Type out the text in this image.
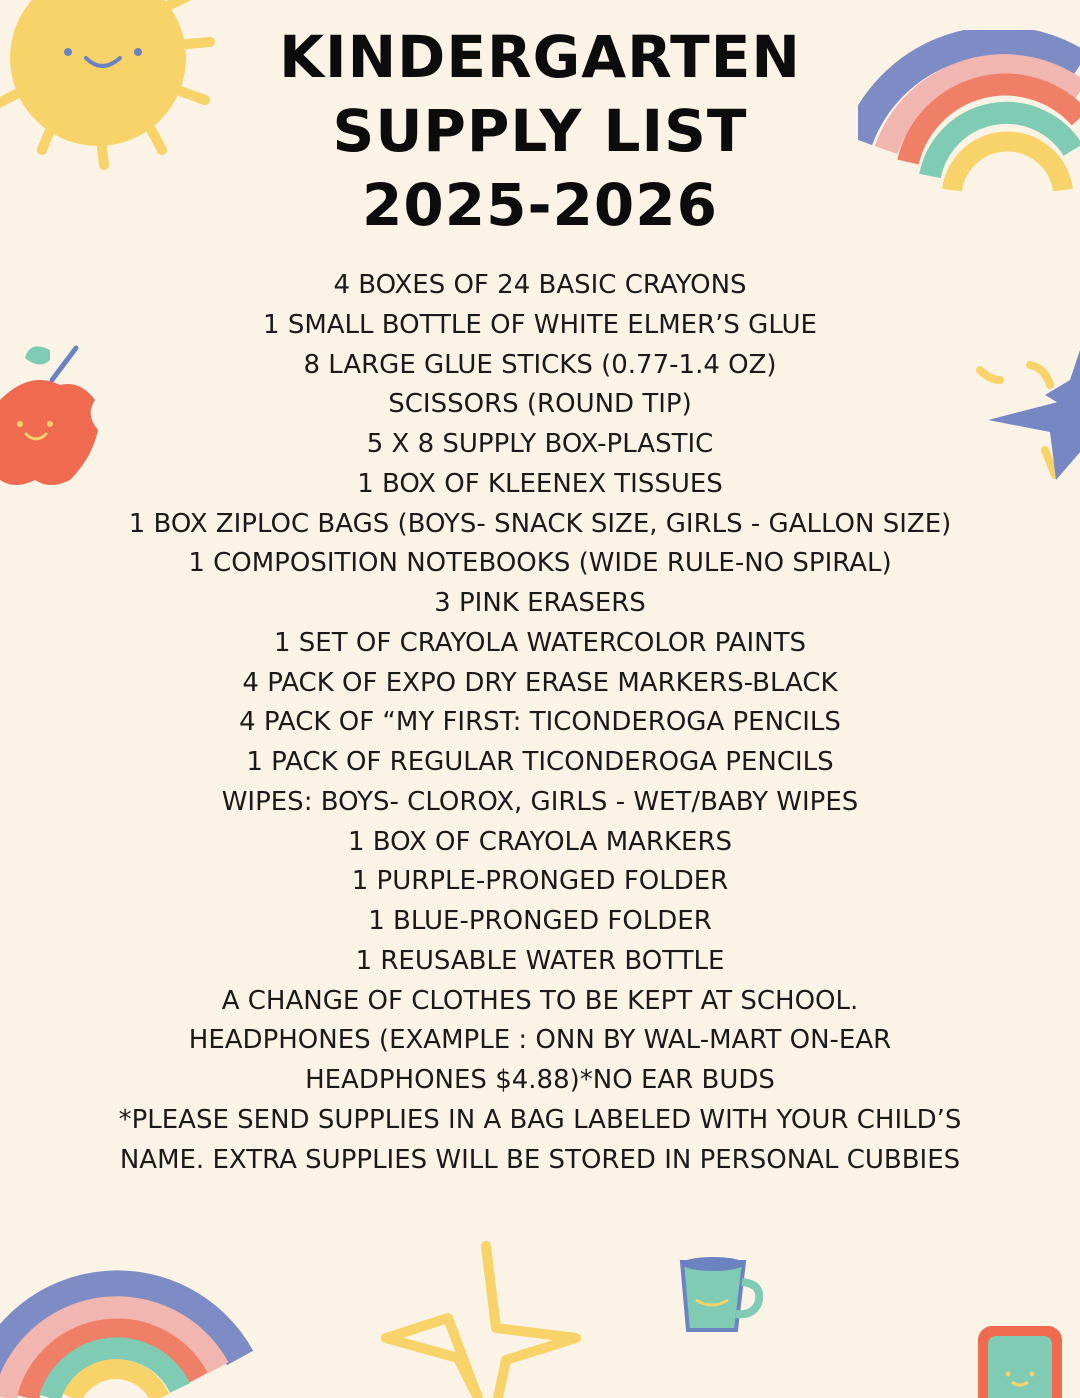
KINDERGARTEN
SUPPLY LIST
2025-2026
4 BOXES OF 24 BASIC CRAYONS
1 SMALL BOTTLE OF WHITE ELMER’S GLUE
8 LARGE GLUE STICKS (0.77-1.4 OZ)
SCISSORS (ROUND TIP)
5 X 8 SUPPLY BOX-PLASTIC
1 BOX OF KLEENEX TISSUES
1 BOX ZIPLOC BAGS (BOYS- SNACK SIZE, GIRLS - GALLON SIZE)
1 COMPOSITION NOTEBOOKS (WIDE RULE-NO SPIRAL)
3 PINK ERASERS
1 SET OF CRAYOLA WATERCOLOR PAINTS
4 PACK OF EXPO DRY ERASE MARKERS-BLACK
4 PACK OF “MY FIRST: TICONDEROGA PENCILS
1 PACK OF REGULAR TICONDEROGA PENCILS
WIPES: BOYS- CLOROX, GIRLS - WET/BABY WIPES
1 BOX OF CRAYOLA MARKERS
1 PURPLE-PRONGED FOLDER
1 BLUE-PRONGED FOLDER
1 REUSABLE WATER BOTTLE
A CHANGE OF CLOTHES TO BE KEPT AT SCHOOL.
HEADPHONES (EXAMPLE : ONN BY WAL-MART ON-EAR
HEADPHONES $4.88)*NO EAR BUDS
*PLEASE SEND SUPPLIES IN A BAG LABELED WITH YOUR CHILD’S
NAME. EXTRA SUPPLIES WILL BE STORED IN PERSONAL CUBBIES
